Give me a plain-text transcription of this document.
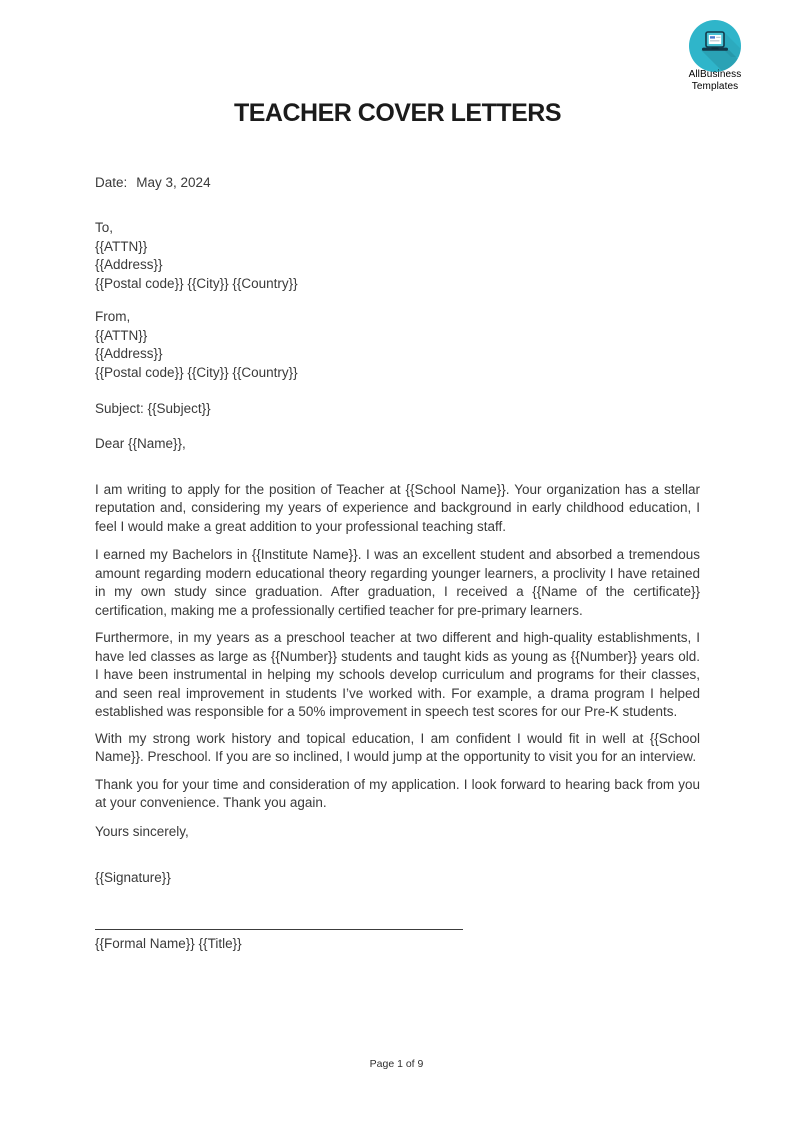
AllBusiness
Templates
TEACHER COVER LETTERS

Date: May 3, 2024

To,
{{ATTN}}
{{Address}}
{{Postal code}} {{City}} {{Country}}
From,
{{ATTN}}
{{Address}}
{{Postal code}} {{City}} {{Country}}

Subject: {{Subject}}

Dear {{Name}},

I am writing to apply for the position of Teacher at {{School Name}}. Your organization has a stellar reputation and, considering my years of experience and background in early childhood education, I feel I would make a great addition to your professional teaching staff.

I earned my Bachelors in {{Institute Name}}. I was an excellent student and absorbed a tremendous amount regarding modern educational theory regarding younger learners, a proclivity I have retained in my own study since graduation. After graduation, I received a {{Name of the certificate}} certification, making me a professionally certified teacher for pre-primary learners.

Furthermore, in my years as a preschool teacher at two different and high-quality establishments, I have led classes as large as {{Number}} students and taught kids as young as {{Number}} years old. I have been instrumental in helping my schools develop curriculum and programs for their classes, and seen real improvement in students I’ve worked with. For example, a drama program I helped established was responsible for a 50% improvement in speech test scores for our Pre-K students.

With my strong work history and topical education, I am confident I would fit in well at {{School Name}}. Preschool. If you are so inclined, I would jump at the opportunity to visit you for an interview.

Thank you for your time and consideration of my application. I look forward to hearing back from you at your convenience. Thank you again.

Yours sincerely,

{{Signature}}

{{Formal Name}} {{Title}}

Page 1 of 9
